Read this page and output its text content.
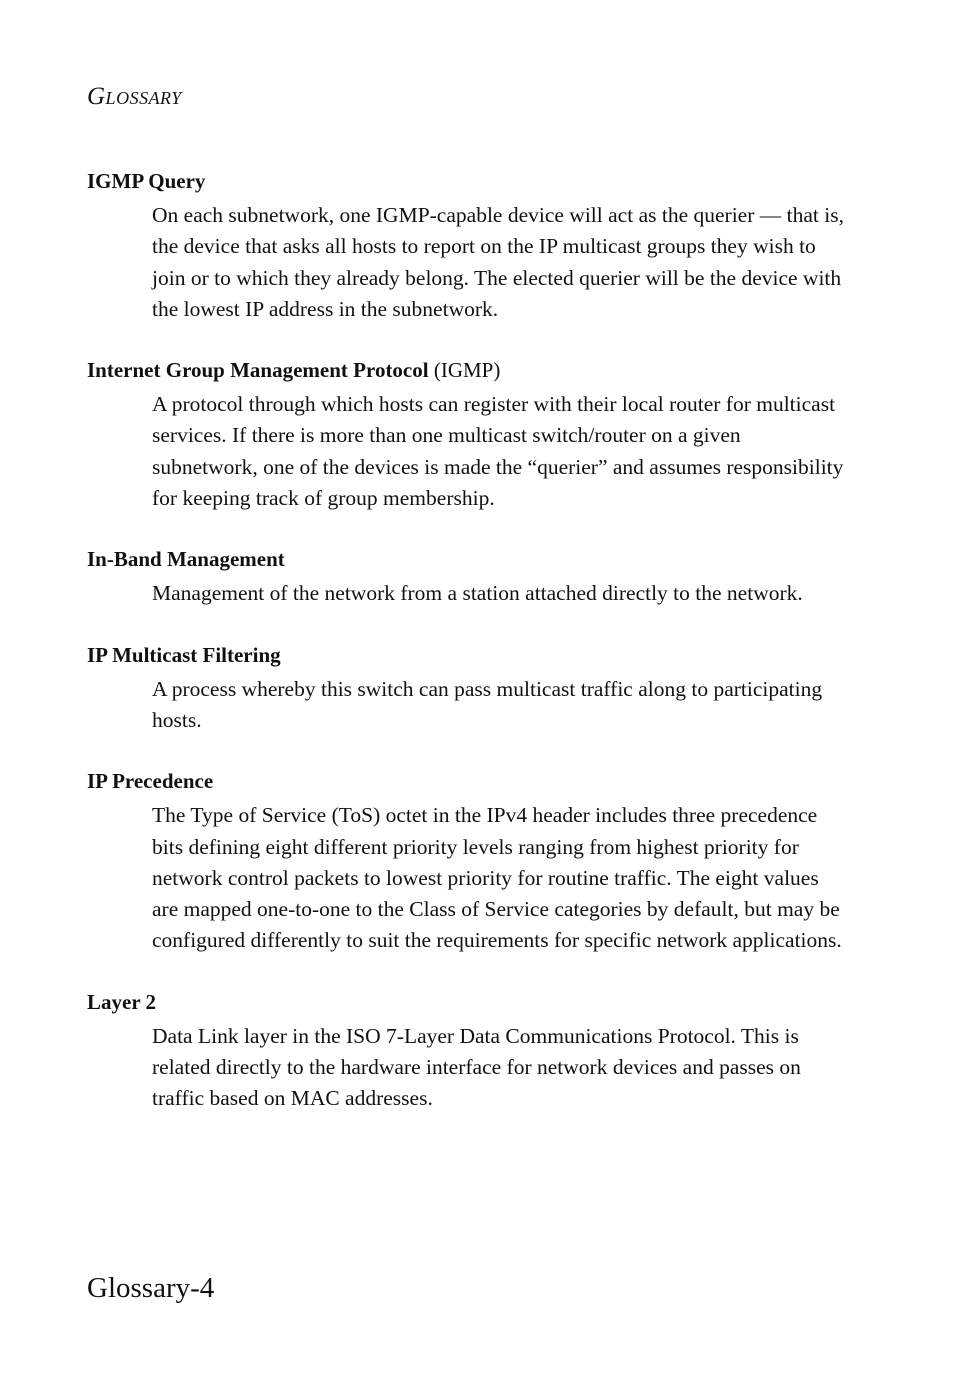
Glossary
IGMP Query

On each subnetwork, one IGMP-capable device will act as the querier — that is, the device that asks all hosts to report on the IP multicast groups they wish to join or to which they already belong. The elected querier will be the device with the lowest IP address in the subnetwork.

Internet Group Management Protocol (IGMP)

A protocol through which hosts can register with their local router for multicast services. If there is more than one multicast switch/router on a given subnetwork, one of the devices is made the “querier” and assumes responsibility for keeping track of group membership.

In-Band Management

Management of the network from a station attached directly to the network.

IP Multicast Filtering

A process whereby this switch can pass multicast traffic along to participating hosts.

IP Precedence

The Type of Service (ToS) octet in the IPv4 header includes three precedence bits defining eight different priority levels ranging from highest priority for network control packets to lowest priority for routine traffic. The eight values are mapped one-to-one to the Class of Service categories by default, but may be configured differently to suit the requirements for specific network applications.

Layer 2

Data Link layer in the ISO 7-Layer Data Communications Protocol. This is related directly to the hardware interface for network devices and passes on traffic based on MAC addresses.

Glossary-4
